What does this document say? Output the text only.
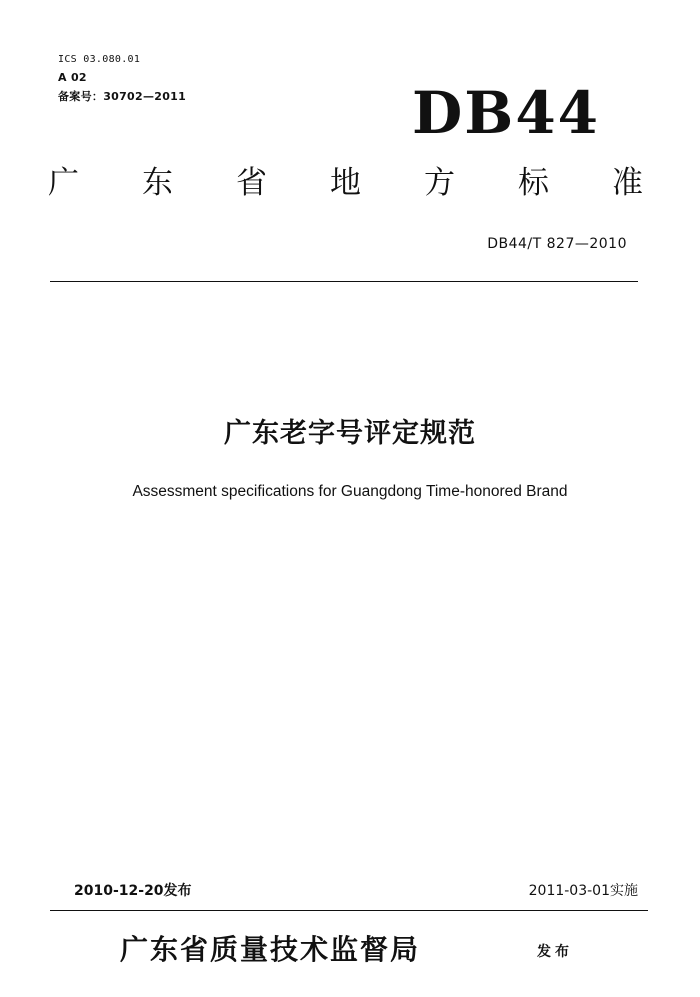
ICS 03.080.01
A 02
备案号：30702—2011	DB44
广 东 省 地 方 标 准
DB44/T 827—2010
广东老字号评定规范
Assessment specifications for Guangdong Time-honored Brand
2010-12-20发布	2011-03-01实施
广东省质量技术监督局	发布
